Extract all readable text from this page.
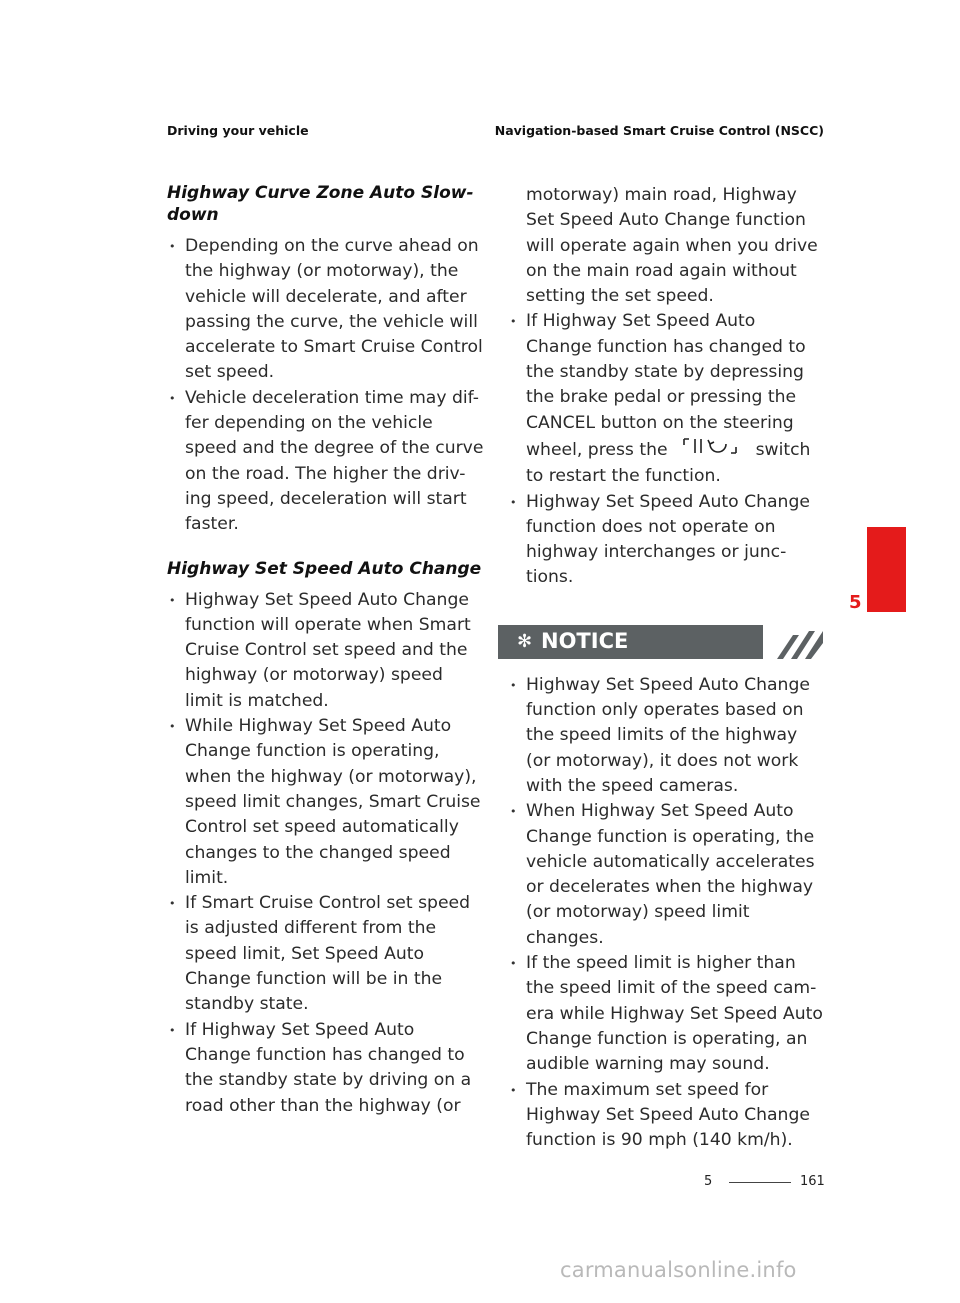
Driving your vehicle	Navigation-based Smart Cruise Control (NSCC)
Highway Curve Zone Auto Slow-down
• Depending on the curve ahead on the highway (or motorway), the vehicle will decelerate, and after passing the curve, the vehicle will accelerate to Smart Cruise Control set speed.
• Vehicle deceleration time may dif-fer depending on the vehicle speed and the degree of the curve on the road. The higher the driv-ing speed, deceleration will start faster.
Highway Set Speed Auto Change
• Highway Set Speed Auto Change function will operate when Smart Cruise Control set speed and the highway (or motorway) speed limit is matched.
• While Highway Set Speed Auto Change function is operating, when the highway (or motorway), speed limit changes, Smart Cruise Control set speed automatically changes to the changed speed limit.
• If Smart Cruise Control set speed is adjusted different from the speed limit, Set Speed Auto Change function will be in the standby state.
• If Highway Set Speed Auto Change function has changed to the standby state by driving on a road other than the highway (or
motorway) main road, Highway Set Speed Auto Change function will operate again when you drive on the main road again without setting the set speed.
• If Highway Set Speed Auto Change function has changed to the standby state by depressing the brake pedal or pressing the CANCEL button on the steering wheel, press the	switch to restart the function.
• Highway Set Speed Auto Change function does not operate on highway interchanges or junc-tions.
✻ NOTICE
• Highway Set Speed Auto Change function only operates based on the speed limits of the highway (or motorway), it does not work with the speed cameras.
• When Highway Set Speed Auto Change function is operating, the vehicle automatically accelerates or decelerates when the highway (or motorway) speed limit changes.
• If the speed limit is higher than the speed limit of the speed cam-era while Highway Set Speed Auto Change function is operating, an audible warning may sound.
• The maximum set speed for Highway Set Speed Auto Change function is 90 mph (140 km/h).
5
5	161
carmanualsonline.info
